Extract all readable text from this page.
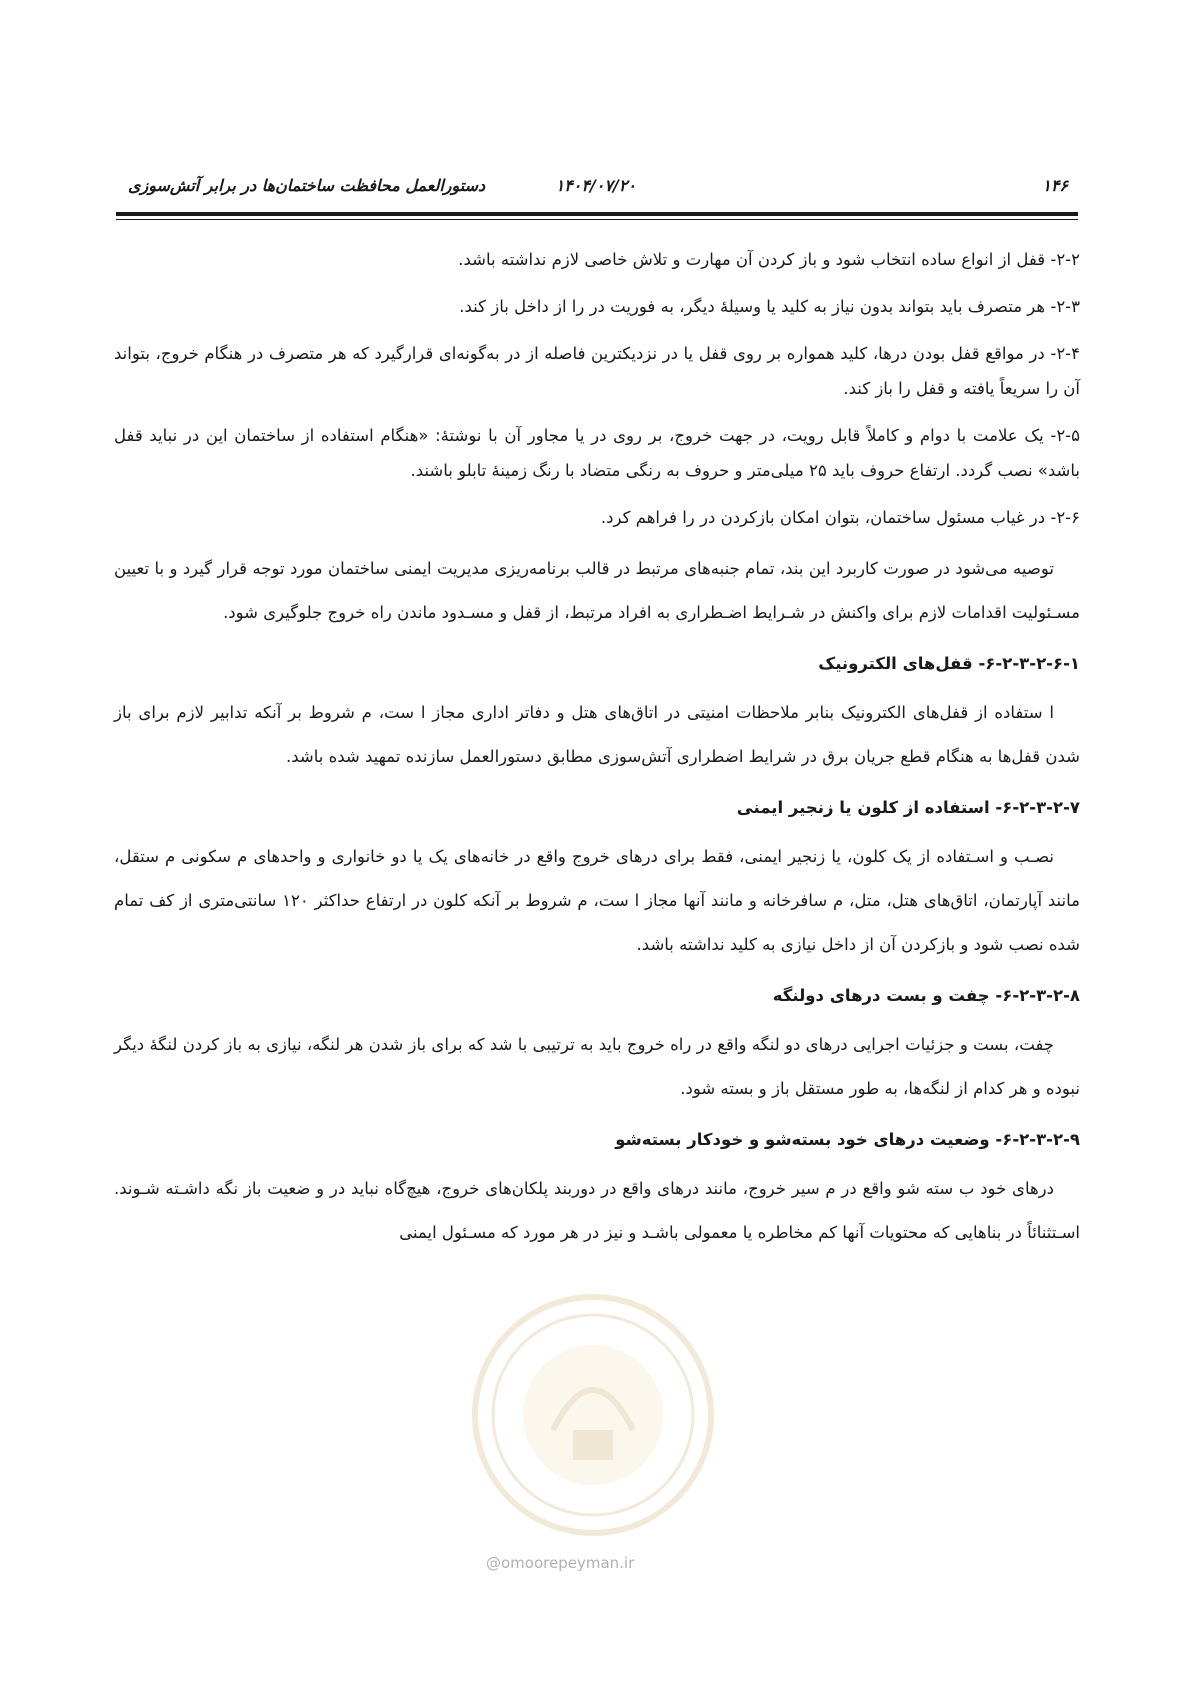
۱۴۶
۱۴۰۴/۰۷/۲۰
دستورالعمل محافظت ساختمان‌ها در برابر آتش‌سوزی

۲-۲- قفل از انواع ساده انتخاب شود و باز کردن آن مهارت و تلاش خاصی لازم نداشته باشد.

۲-۳- هر متصرف باید بتواند بدون نیاز به کلید یا وسیلهٔ دیگر، به فوریت در را از داخل باز کند.

۲-۴- در مواقع قفل بودن درها، کلید همواره بر روی قفل یا در نزدیکترین فاصله از در به‌گونه‌ای قرارگیرد که هر متصرف در هنگام خروج، بتواند آن را سریعاً یافته و قفل را باز کند.

۲-۵- یک علامت با دوام و کاملاً قابل رویت، در جهت خروج، بر روی در یا مجاور آن با نوشتهٔ: «هنگام استفاده از ساختمان این در نباید قفل باشد» نصب گردد. ارتفاع حروف باید ۲۵ میلی‌متر و حروف به رنگی متضاد با رنگ زمینهٔ تابلو باشند.

۲-۶- در غیاب مسئول ساختمان، بتوان امکان بازکردن در را فراهم کرد.

توصیه می‌شود در صورت کاربرد این بند، تمام جنبه‌های مرتبط در قالب برنامه‌ریزی مدیریت ایمنی ساختمان مورد توجه قرار گیرد و با تعیین مسـئولیت اقدامات لازم برای واکنش در شـرایط اضـطراری به افراد مرتبط، از قفل و مسـدود ماندن راه خروج جلوگیری شود.

۶-۲-۳-۲-۶-۱- قفل‌های الکترونیک

ا ستفاده از قفل‌های الکترونیک بنابر ملاحظات امنیتی در اتاق‌های هتل و دفاتر اداری مجاز ا ست، م شروط بر آنکه تدابیر لازم برای باز شدن قفل‌ها به هنگام قطع جریان برق در شرایط اضطراری آتش‌سوزی مطابق دستورالعمل سازنده تمهید شده باشد.

۶-۲-۳-۲-۷- استفاده از کلون یا زنجیر ایمنی

نصـب و اسـتفاده از یک کلون، یا زنجیر ایمنی، فقط برای درهای خروج واقع در خانه‌های یک یا دو خانواری و واحدهای م سکونی م ستقل، مانند آپارتمان، اتاق‌های هتل، متل، م سافرخانه و مانند آنها مجاز ا ست، م شروط بر آنکه کلون در ارتفاع حداکثر ۱۲۰ سانتی‌متری از کف تمام شده نصب شود و بازکردن آن از داخل نیازی به کلید نداشته باشد.

۶-۲-۳-۲-۸- چفت و بست درهای دولنگه

چفت، بست و جزئیات اجرایی درهای دو لنگه واقع در راه خروج باید به ترتیبی با شد که برای باز شدن هر لنگه، نیازی به باز کردن لنگهٔ دیگر نبوده و هر کدام از لنگه‌ها، به طور مستقل باز و بسته شود.

۶-۲-۳-۲-۹- وضعیت درهای خود بسته‌شو و خودکار بسته‌شو

درهای خود ب سته شو واقع در م سیر خروج، مانند درهای واقع در دوربند پلکان‌های خروج، هیچ‌گاه نباید در و ضعیت باز نگه داشـته شـوند. اسـتثنائاً در بناهایی که محتویات آنها کم مخاطره یا معمولی باشـد و نیز در هر مورد که مسـئول ایمنی

@omoorepeyman.ir
